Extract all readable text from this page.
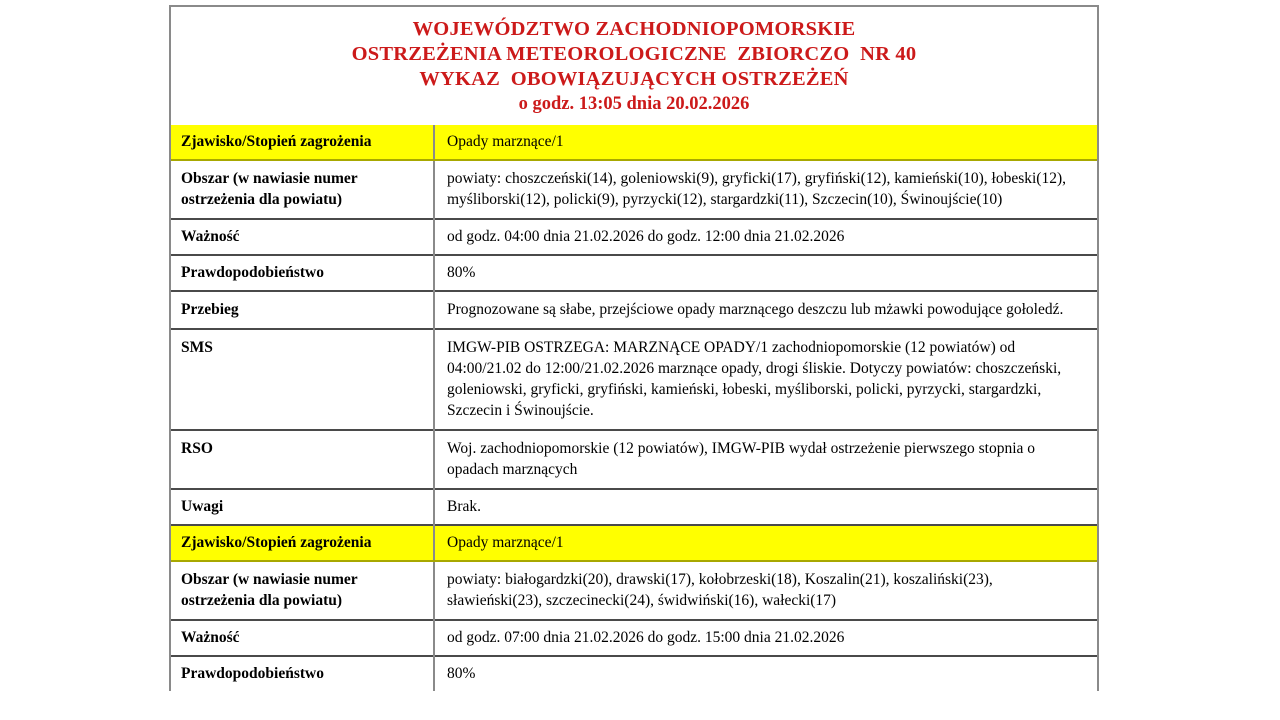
WOJEWÓDZTWO ZACHODNIOPOMORSKIE
OSTRZEŻENIA METEOROLOGICZNE  ZBIORCZO  NR 40
WYKAZ  OBOWIĄZUJĄCYCH OSTRZEŻEŃ
o godz. 13:05 dnia 20.02.2026
Zjawisko/Stopień zagrożenia	Opady marznące/1
Obszar (w nawiasie numer ostrzeżenia dla powiatu)	powiaty: choszczeński(14), goleniowski(9), gryficki(17), gryfiński(12), kamieński(10), łobeski(12), myśliborski(12), policki(9), pyrzycki(12), stargardzki(11), Szczecin(10), Świnoujście(10)
Ważność	od godz. 04:00 dnia 21.02.2026 do godz. 12:00 dnia 21.02.2026
Prawdopodobieństwo	80%
Przebieg	Prognozowane są słabe, przejściowe opady marznącego deszczu lub mżawki powodujące gołoledź.
SMS	IMGW-PIB OSTRZEGA: MARZNĄCE OPADY/1 zachodniopomorskie (12 powiatów) od 04:00/21.02 do 12:00/21.02.2026 marznące opady, drogi śliskie. Dotyczy powiatów: choszczeński, goleniowski, gryficki, gryfiński, kamieński, łobeski, myśliborski, policki, pyrzycki, stargardzki, Szczecin i Świnoujście.
RSO	Woj. zachodniopomorskie (12 powiatów), IMGW-PIB wydał ostrzeżenie pierwszego stopnia o opadach marznących
Uwagi	Brak.
Zjawisko/Stopień zagrożenia	Opady marznące/1
Obszar (w nawiasie numer ostrzeżenia dla powiatu)	powiaty: białogardzki(20), drawski(17), kołobrzeski(18), Koszalin(21), koszaliński(23), sławieński(23), szczecinecki(24), świdwiński(16), wałecki(17)
Ważność	od godz. 07:00 dnia 21.02.2026 do godz. 15:00 dnia 21.02.2026
Prawdopodobieństwo	80%
